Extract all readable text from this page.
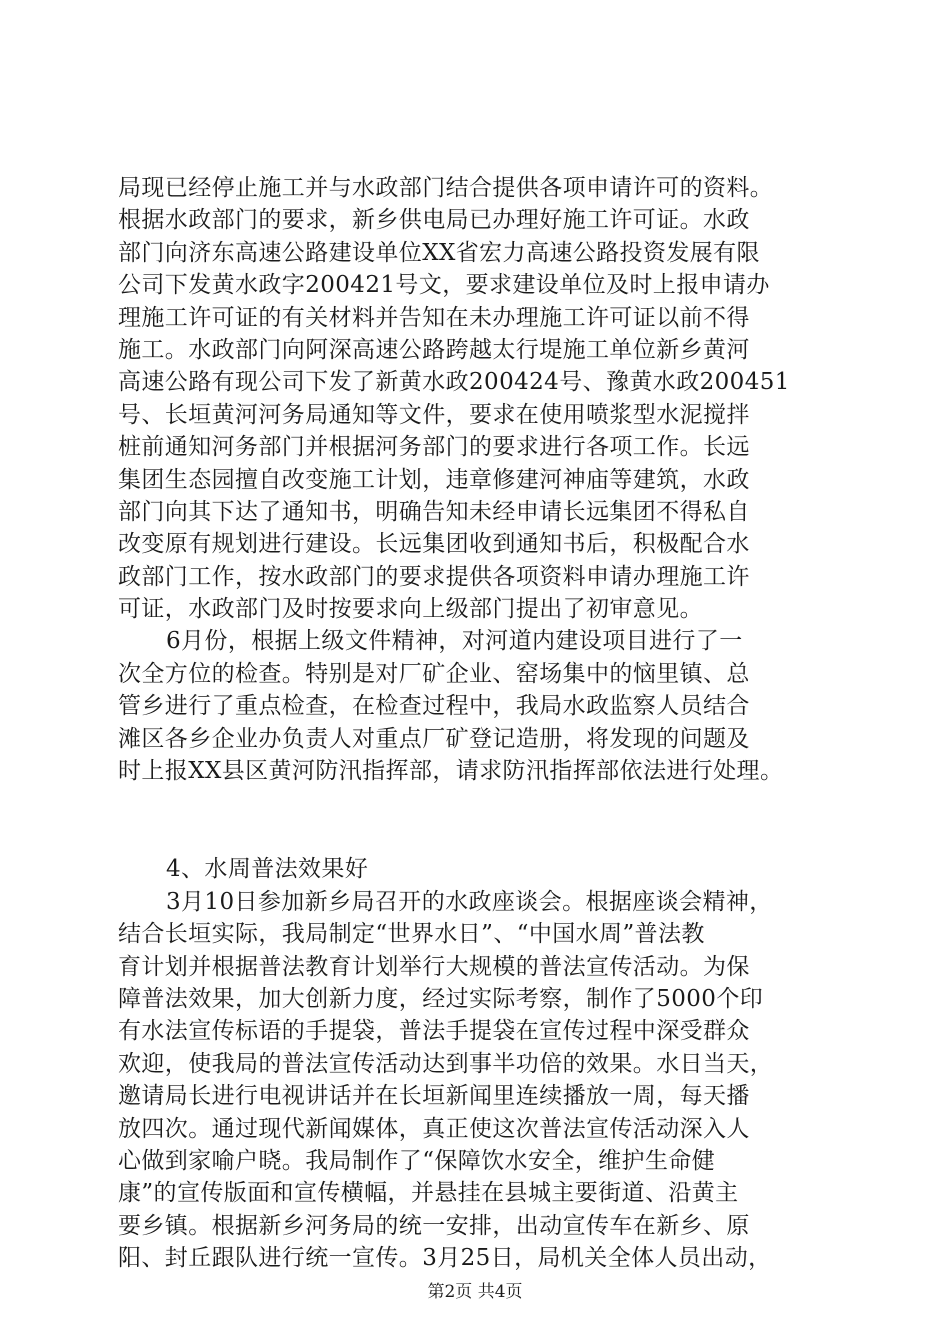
局现已经停止施工并与水政部门结合提供各项申请许可的资料。
根据水政部门的要求，新乡供电局已办理好施工许可证。水政
部门向济东高速公路建设单位XX省宏力高速公路投资发展有限
公司下发黄水政字200421号文，要求建设单位及时上报申请办
理施工许可证的有关材料并告知在未办理施工许可证以前不得
施工。水政部门向阿深高速公路跨越太行堤施工单位新乡黄河
高速公路有现公司下发了新黄水政200424号、豫黄水政200451
号、长垣黄河河务局通知等文件，要求在使用喷浆型水泥搅拌
桩前通知河务部门并根据河务部门的要求进行各项工作。长远
集团生态园擅自改变施工计划，违章修建河神庙等建筑，水政
部门向其下达了通知书，明确告知未经申请长远集团不得私自
改变原有规划进行建设。长远集团收到通知书后，积极配合水
政部门工作，按水政部门的要求提供各项资料申请办理施工许
可证，水政部门及时按要求向上级部门提出了初审意见。
6月份，根据上级文件精神，对河道内建设项目进行了一
次全方位的检查。特别是对厂矿企业、窑场集中的恼里镇、总
管乡进行了重点检查，在检查过程中，我局水政监察人员结合
滩区各乡企业办负责人对重点厂矿登记造册，将发现的问题及
时上报XX县区黄河防汛指挥部，请求防汛指挥部依法进行处理。
4、水周普法效果好
3月10日参加新乡局召开的水政座谈会。根据座谈会精神，
结合长垣实际，我局制定“世界水日”、“中国水周”普法教
育计划并根据普法教育计划举行大规模的普法宣传活动。为保
障普法效果，加大创新力度，经过实际考察，制作了5000个印
有水法宣传标语的手提袋，普法手提袋在宣传过程中深受群众
欢迎，使我局的普法宣传活动达到事半功倍的效果。水日当天，
邀请局长进行电视讲话并在长垣新闻里连续播放一周，每天播
放四次。通过现代新闻媒体，真正使这次普法宣传活动深入人
心做到家喻户晓。我局制作了“保障饮水安全，维护生命健
康”的宣传版面和宣传横幅，并悬挂在县城主要街道、沿黄主
要乡镇。根据新乡河务局的统一安排，出动宣传车在新乡、原
阳、封丘跟队进行统一宣传。3月25日，局机关全体人员出动，
第2页 共4页
